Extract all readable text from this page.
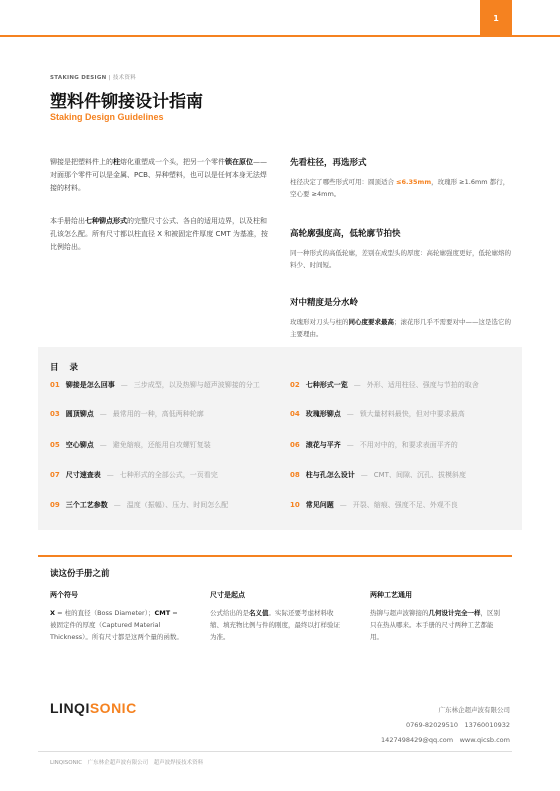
1
STAKING DESIGN | 技术资料
塑料件铆接设计指南
Staking Design Guidelines
铆接是把塑料件上的柱熔化重塑成一个头，把另一个零件锁在原位——对面那个零件可以是金属、PCB、异种塑料，也可以是任何本身无法焊接的材料。
本手册给出七种铆点形式的完整尺寸公式、各自的适用边界，以及柱和孔该怎么配。所有尺寸都以柱直径 X 和被固定件厚度 CMT 为基准，按比例给出。
先看柱径，再选形式

柱径决定了哪些形式可用：圆顶适合 ≤6.35mm，玫瑰形 ≥1.6mm 都行，空心要 ≥4mm。

高轮廓强度高，低轮廓节拍快

同一种形式的高低轮廓，差别在成型头的厚度：高轮廓强度更好，低轮廓熔的料少、时间短。

对中精度是分水岭

玫瑰形对刀头与柱的同心度要求最高；滚花形几乎不需要对中——这是选它的主要理由。

目 录
01 铆接是怎么回事 — 三步成型，以及热铆与超声波铆接的分工	02 七种形式一览 — 外形、适用柱径、强度与节拍的取舍
03 圆顶铆点 — 最常用的一种，高低两种轮廓	04 玫瑰形铆点 — 锁大量材料最快，但对中要求最高
05 空心铆点 — 避免缩痕，还能用自攻螺钉复装	06 滚花与平齐 — 不用对中的，和要求表面平齐的
07 尺寸速查表 — 七种形式的全部公式，一页看完	08 柱与孔怎么设计 — CMT、间隙、沉孔、拔模斜度
09 三个工艺参数 — 温度（振幅）、压力、时间怎么配	10 常见问题 — 开裂、缩痕、强度不足、外观不良
读这份手册之前
两个符号

X = 柱的直径（Boss Diameter）；CMT = 被固定件的厚度（Captured Material Thickness）。所有尺寸都是这两个量的函数。

尺寸是起点

公式给出的是名义值。实际还要考虑材料收缩、填充物比例与件的刚度，最终以打样验证为准。

两种工艺通用

热铆与超声波铆接的几何设计完全一样，区别只在热从哪来。本手册的尺寸两种工艺都能用。

LINQISONIC	广东林企超声波有限公司
0769-82029510　13760010932
1427498429@qq.com　www.qicsb.com
LINQISONIC　广东林企超声波有限公司　超声波焊接技术资料
